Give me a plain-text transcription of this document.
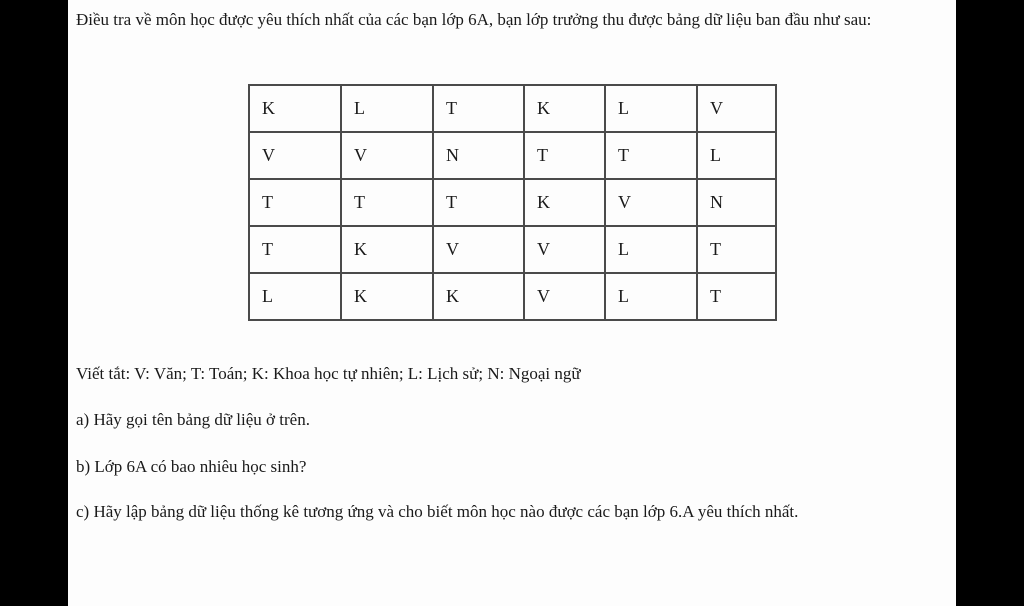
Điều tra về môn học được yêu thích nhất của các bạn lớp 6A, bạn lớp trưởng thu được bảng dữ liệu ban đầu như sau:

K	L	T	K	L	V
V	V	N	T	T	L
T	T	T	K	V	N
T	K	V	V	L	T
L	K	K	V	L	T

Viết tắt: V: Văn; T: Toán; K: Khoa học tự nhiên; L: Lịch sử; N: Ngoại ngữ

a) Hãy gọi tên bảng dữ liệu ở trên.

b) Lớp 6A có bao nhiêu học sinh?

c) Hãy lập bảng dữ liệu thống kê tương ứng và cho biết môn học nào được các bạn lớp 6.A yêu thích nhất.
